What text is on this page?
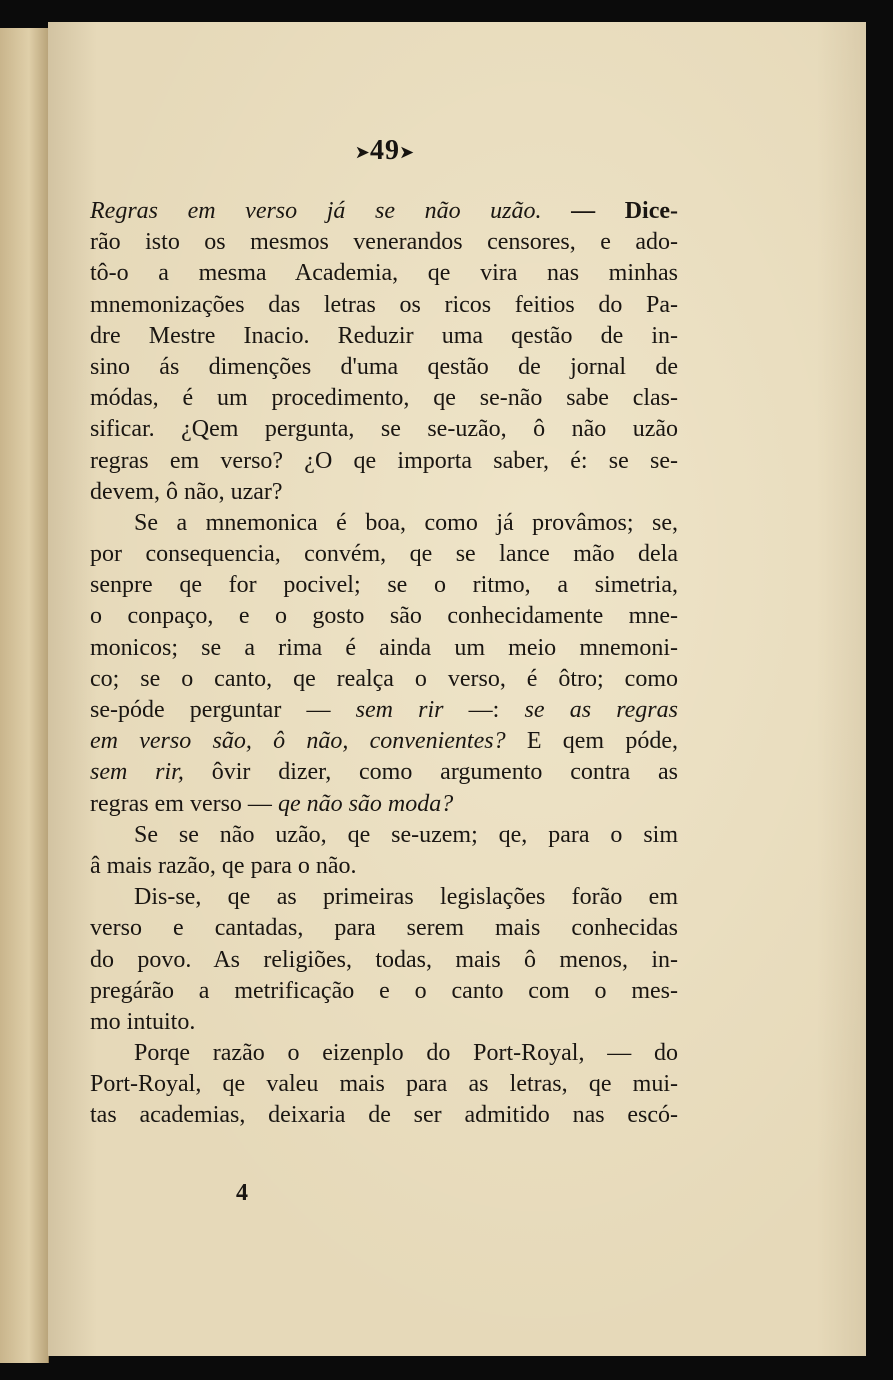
➤49➤
Regras em verso já se não uzão. — Dice-
rão isto os mesmos venerandos censores, e ado-
tô-o a mesma Academia, qe vira nas minhas
mnemonizações das letras os ricos feitios do Pa-
dre Mestre Inacio. Reduzir uma qestão de in-
sino ás dimenções d'uma qestão de jornal de
módas, é um procedimento, qe se-não sabe clas-
sificar. ¿Qem pergunta, se se-uzão, ô não uzão
regras em verso? ¿O qe importa saber, é: se se-
devem, ô não, uzar?
Se a mnemonica é boa, como já provâmos; se,
por consequencia, convém, qe se lance mão dela
senpre qe for pocivel; se o ritmo, a simetria,
o conpaço, e o gosto são conhecidamente mne-
monicos; se a rima é ainda um meio mnemoni-
co; se o canto, qe realça o verso, é ôtro; como
se-póde perguntar — sem rir —: se as regras
em verso são, ô não, convenientes? E qem póde,
sem rir, ôvir dizer, como argumento contra as
regras em verso — qe não são moda?
Se se não uzão, qe se-uzem; qe, para o sim
â mais razão, qe para o não.
Dis-se, qe as primeiras legislações forão em
verso e cantadas, para serem mais conhecidas
do povo. As religiões, todas, mais ô menos, in-
pregárão a metrificação e o canto com o mes-
mo intuito.
Porqe razão o eizenplo do Port-Royal, — do
Port-Royal, qe valeu mais para as letras, qe mui-
tas academias, deixaria de ser admitido nas escó-
4
